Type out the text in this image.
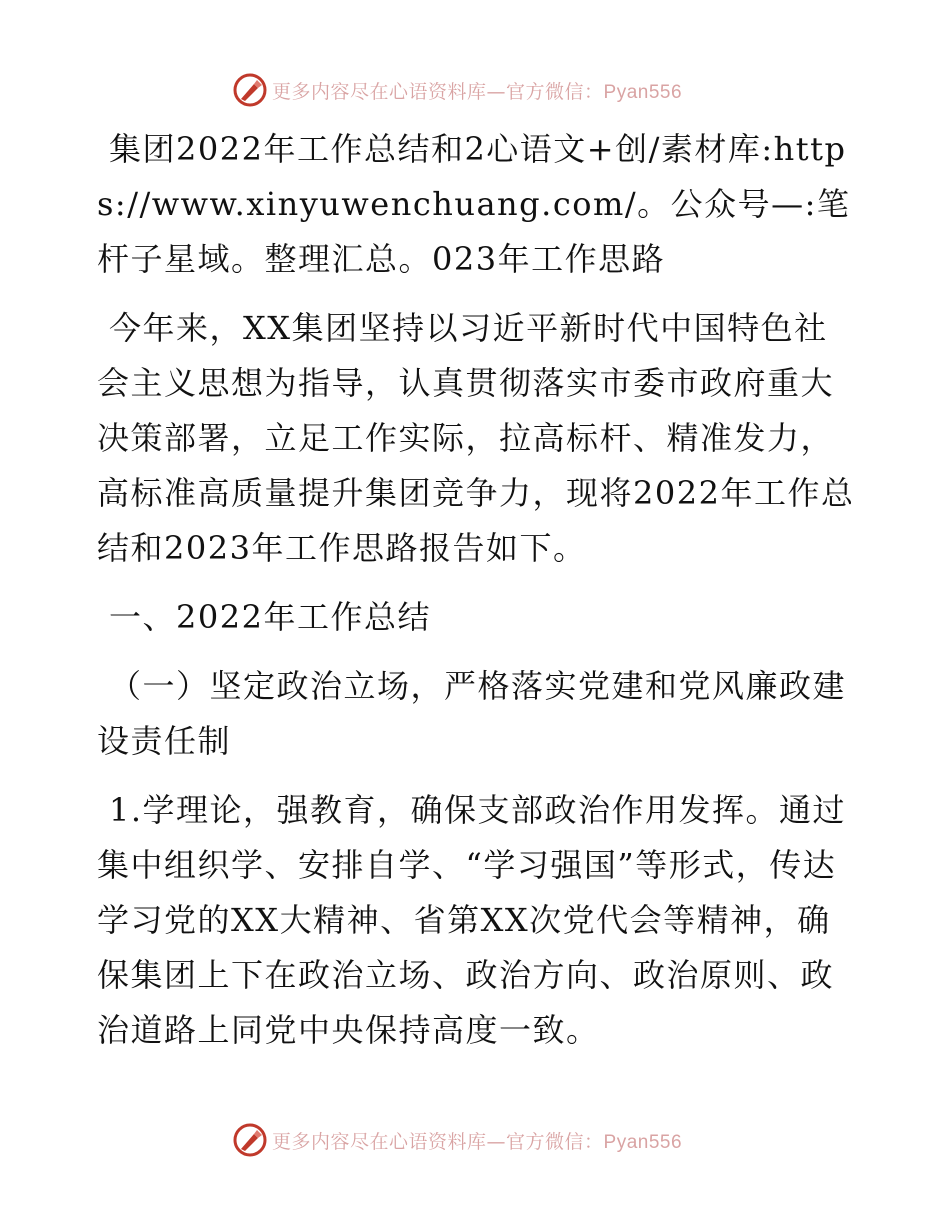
更多内容尽在心语资料库—官方微信：Pyan556

集团2022年工作总结和2心语文+创/素材库:https://www.xinyuwenchuang.com/。公众号—:笔杆子星域。整理汇总。023年工作思路

今年来，XX集团坚持以习近平新时代中国特色社会主义思想为指导，认真贯彻落实市委市政府重大决策部署，立足工作实际，拉高标杆、精准发力，高标准高质量提升集团竞争力，现将2022年工作总结和2023年工作思路报告如下。

一、2022年工作总结

（一）坚定政治立场，严格落实党建和党风廉政建设责任制

1.学理论，强教育，确保支部政治作用发挥。通过集中组织学、安排自学、“学习强国”等形式，传达学习党的XX大精神、省第XX次党代会等精神，确保集团上下在政治立场、政治方向、政治原则、政治道路上同党中央保持高度一致。

更多内容尽在心语资料库—官方微信：Pyan556
